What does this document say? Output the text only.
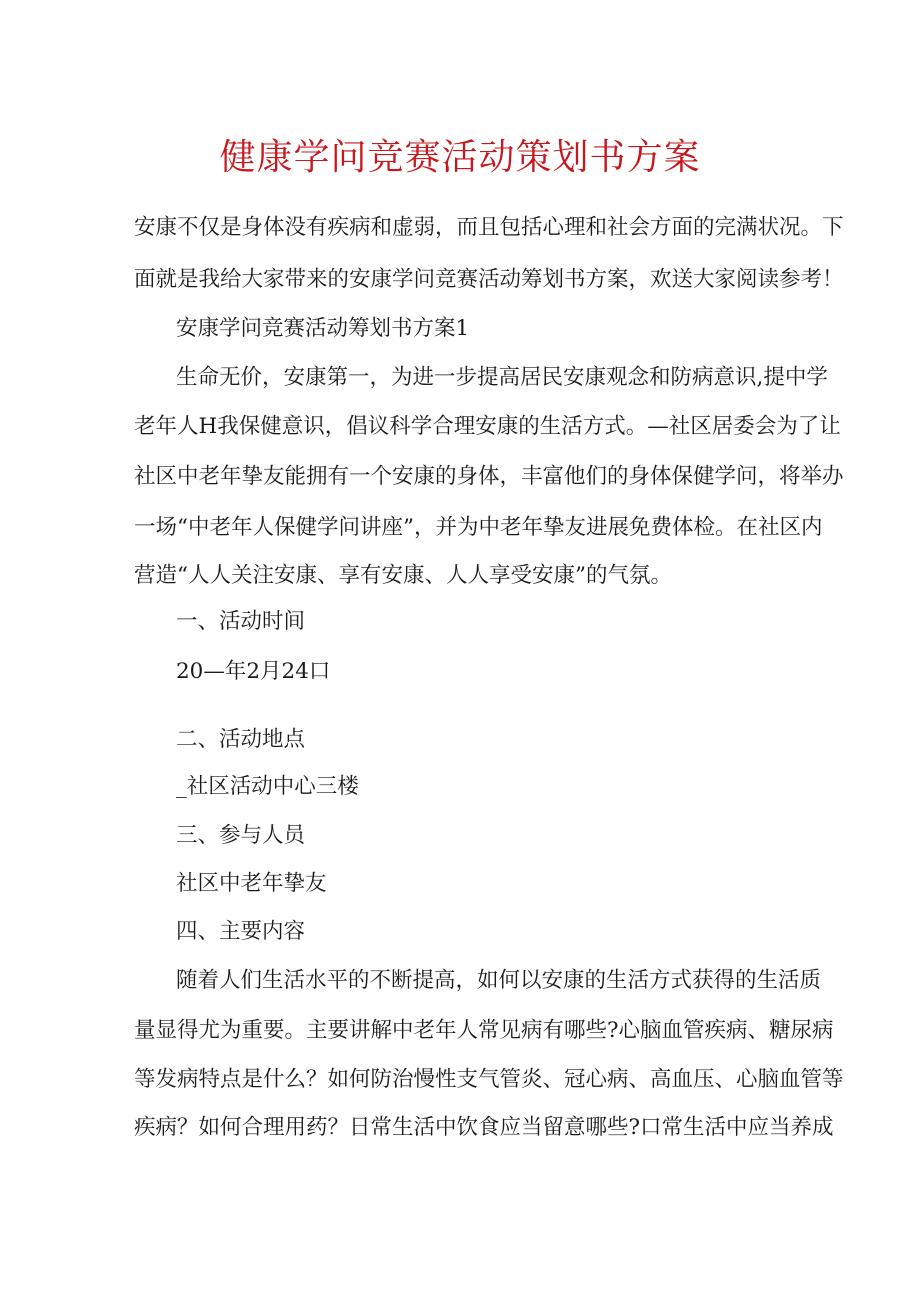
健康学问竞赛活动策划书方案

安康不仅是身体没有疾病和虚弱，而且包括心理和社会方面的完满状况。下

面就是我给大家带来的安康学问竞赛活动筹划书方案，欢送大家阅读参考！

安康学问竞赛活动筹划书方案1

生命无价，安康第一，为进一步提高居民安康观念和防病意识,提中学

老年人H我保健意识，倡议科学合理安康的生活方式。—社区居委会为了让

社区中老年挚友能拥有一个安康的身体，丰富他们的身体保健学问，将举办

一场“中老年人保健学问讲座”，并为中老年挚友进展免费体检。在社区内

营造“人人关注安康、享有安康、人人享受安康”的气氛。

一、活动时间

20—年2月24口

二、活动地点

_社区活动中心三楼

三、参与人员

社区中老年挚友

四、主要内容

随着人们生活水平的不断提高，如何以安康的生活方式获得的生活质

量显得尤为重要。主要讲解中老年人常见病有哪些?心脑血管疾病、糖尿病

等发病特点是什么？如何防治慢性支气管炎、冠心病、高血压、心脑血管等

疾病？如何合理用药？日常生活中饮食应当留意哪些?口常生活中应当养成
